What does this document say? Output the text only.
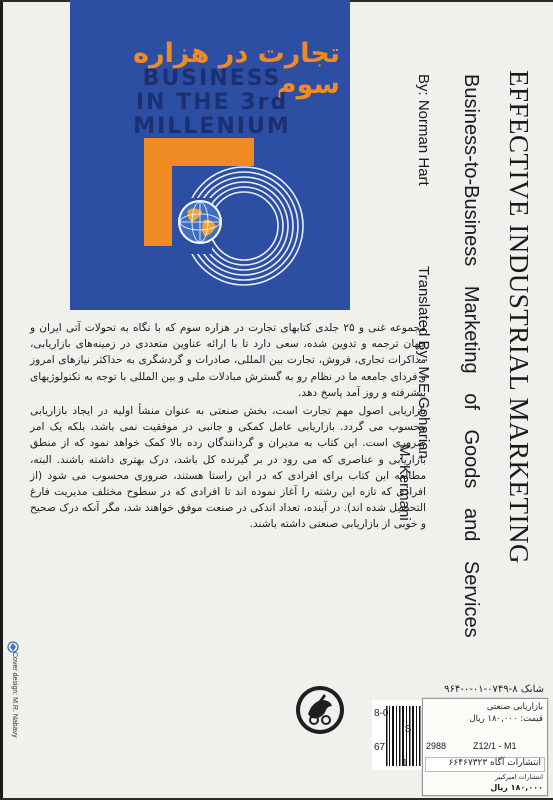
تجارت در هزاره سوم
BUSINESS
IN THE 3rd
MILLENIUM	EFFECTIVE INDUSTRIAL MARKETING
Business-to-Business Marketing of Goods and Services
By: Norman Hart
Translated By: M.E.Goharian
M. Kermani

مجموعه غنی و ۲۵ جلدی کتابهای تجارت در هزاره سوم که با نگاه به تحولات آتی ایران و جهان ترجمه و تدوین شده، سعی دارد تا با ارائه عناوین متعددی در زمینه‌های بازاریابی، مذاکرات تجاری، فروش، تجارت بین المللی، صادرات و گردشگری به حداکثر نیازهای امروز و فردای جامعه ما در نظام رو به گسترش مبادلات ملی و بین المللی با توجه به تکنولوژیهای پیشرفته و روز آمد پاسخ دهد.

بازاریابی اصول مهم تجارت است، بخش صنعتی به عنوان منشأ اولیه در ایجاد بازاریابی محسوب می گردد. بازاریابی عامل کمکی و جانبی در موفقیت نمی باشد، بلکه یک امر ضروری است. این کتاب به مدیران و گردانندگان رده بالا کمک خواهد نمود که از منطق بازاریابی و عناصری که می رود در بر گیرنده کل باشد، درک بهتری داشته باشند. البته، مطالعه این کتاب برای افرادی که در این راستا هستند، ضروری محسوب می شود (از افرادی که تازه این رشته را آغاز نموده اند تا افرادی که در سطوح مختلف مدیریت فارغ التحصیل شده اند). در آینده، تعداد اندکی در صنعت موفق خواهند شد، مگر آنکه درک صحیح و خوبی از بازاریابی صنعتی داشته باشند.

Cover design: M.R. Nabavy	شابک ۸-۰۷۴۹-۰۱-۰-۹۶۴
8-0
IS
67
1
بازاریابی صنعتی
قیمت: ۱۸۰,۰۰۰ ریال
2988	Z12/1 - M1
انتشارات آگاه ۶۶۴۶۷۳۲۳
انتشارات امیرکبیر
۱۸۰,۰۰۰ ریال
